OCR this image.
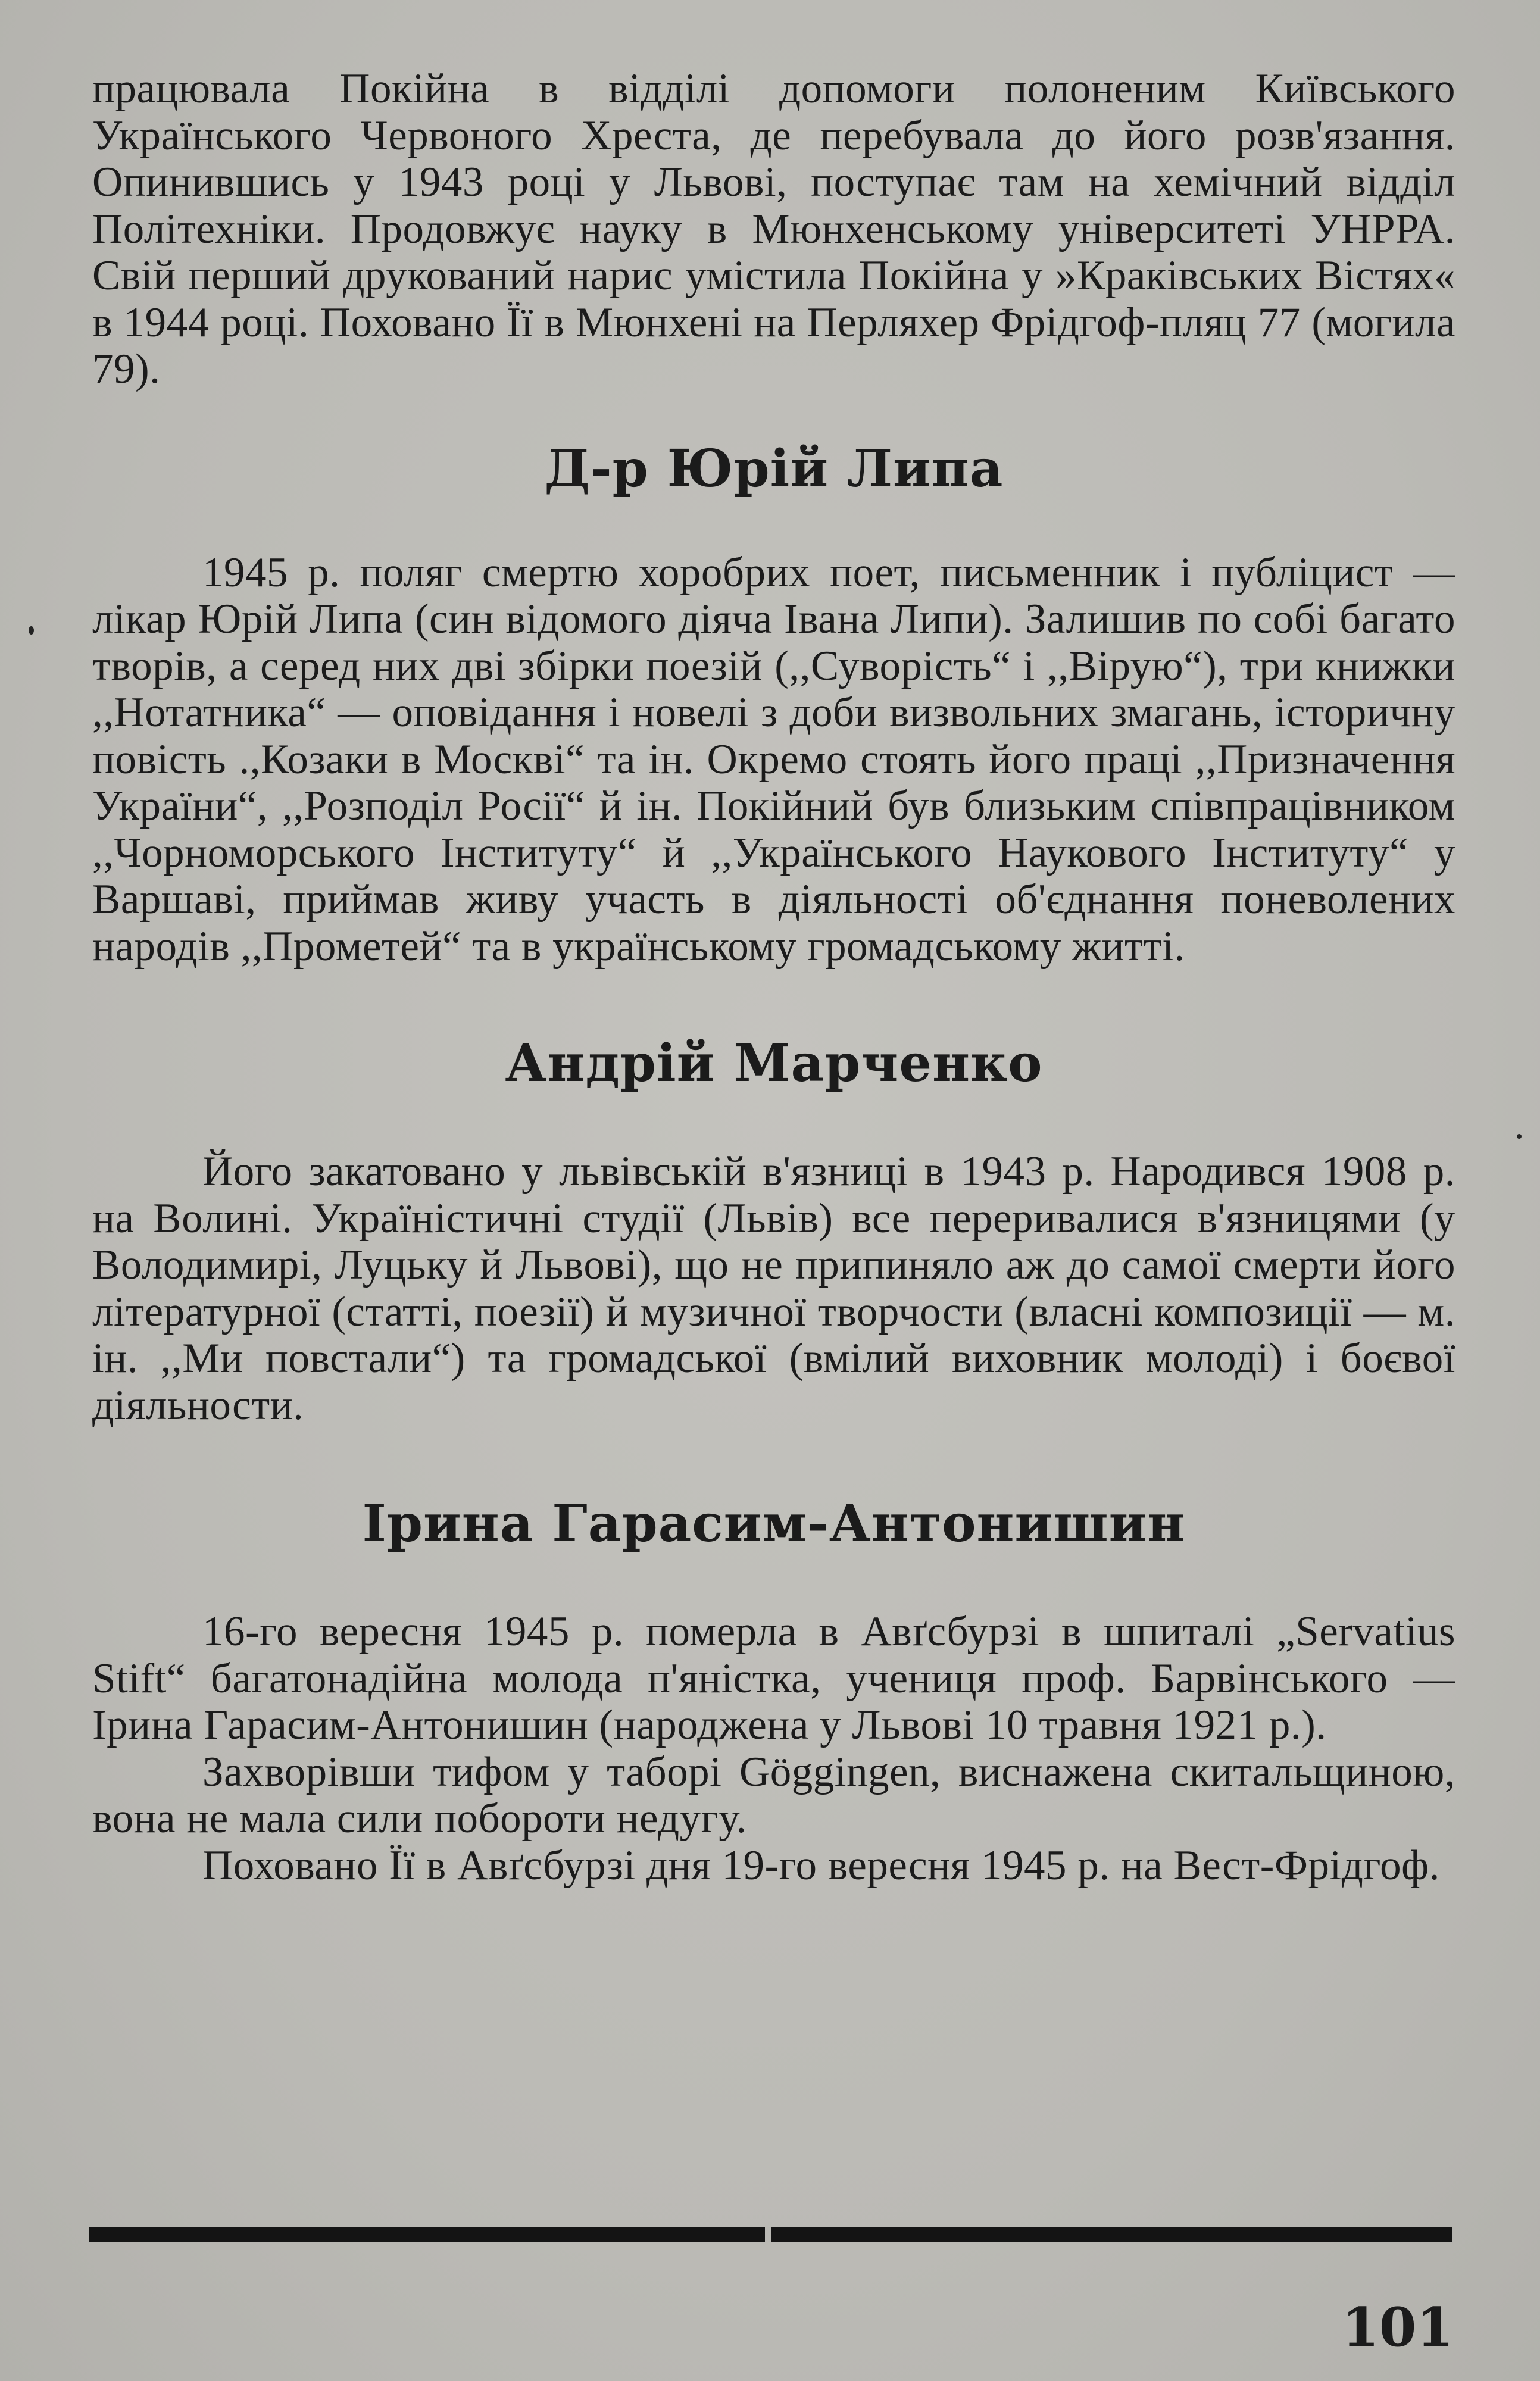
працювала Покійна в відділі допомоги полоненим Київського Українського Червоного Хреста, де перебувала до його розв'язання. Опинившись у 1943 році у Львові, поступає там на хемічний відділ Політехніки. Продовжує науку в Мюнхенському університеті УНРРА. Свій перший друкований нарис умістила Покійна у »Краківських Вістях« в 1944 році. Поховано Її в Мюнхені на Перляхер Фрідгоф-пляц 77 (могила 79).

Д-р Юрій Липа

1945 р. поляг смертю хоробрих поет, письменник і публіцист — лікар Юрій Липа (син відомого діяча Івана Липи). Залишив по собі багато творів, а серед них дві збірки поезій (,,Суворість“ і ,,Вірую“), три книжки ,,Нотатника“ — оповідання і новелі з доби визвольних змагань, історичну повість .,Козаки в Москві“ та ін. Окремо стоять його праці ,,Призначення України“, ,,Розподіл Росії“ й ін. Покійний був близьким співпрацівником ,,Чорноморського Інституту“ й ,,Українського Наукового Інституту“ у Варшаві, приймав живу участь в діяльності об'єднання поневолених народів ,,Прометей“ та в українському громадському житті.

Андрій Марченко

Його закатовано у львівській в'язниці в 1943 р. Народився 1908 р. на Волині. Україністичні студії (Львів) все переривалися в'язницями (у Володимирі, Луцьку й Львові), що не припиняло аж до самої смерти його літературної (статті, поезії) й музичної творчости (власні композиції — м. ін. ,,Ми повстали“) та громадської (вмілий виховник молоді) і боєвої діяльности.

Ірина Гарасим-Антонишин

16-го вересня 1945 р. померла в Авґсбурзі в шпиталі „Servatius Stift“ багатонадійна молода п'яністка, учениця проф. Барвінського — Ірина Гарасим-Антонишин (народжена у Львові 10 травня 1921 р.).

Захворівши тифом у таборі Göggingen, виснажена скитальщиною, вона не мала сили побороти недугу.

Поховано Її в Авґсбурзі дня 19-го вересня 1945 р. на Вест-Фрідгоф.

101
